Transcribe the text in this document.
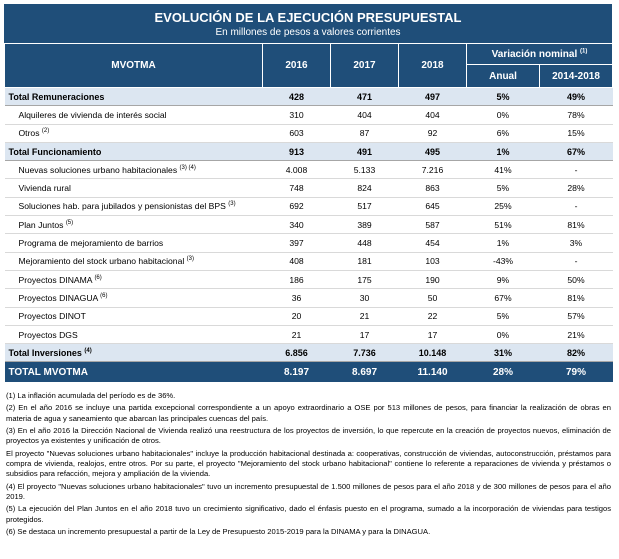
EVOLUCIÓN DE LA EJECUCIÓN PRESUPUESTAL
En millones de pesos a valores corrientes
MVOTMA	2016	2017	2018	Variación nominal $^{(1)}$
				Anual	2014-2018
Total Remuneraciones	428	471	497	5%	49%
Alquileres de vivienda de interés social	310	404	404	0%	78%
Otros $^{(2)}$	603	87	92	6%	15%
Total Funcionamiento	913	491	495	1%	67%
Nuevas soluciones urbano habitacionales $^{(3) (4)}$	4.008	5.133	7.216	41%	-
Vivienda rural	748	824	863	5%	28%
Soluciones hab. para jubilados y pensionistas del BPS $^{(3)}$	692	517	645	25%	-
Plan Juntos $^{(5)}$	340	389	587	51%	81%
Programa de mejoramiento de barrios	397	448	454	1%	3%
Mejoramiento del stock urbano habitacional $^{(3)}$	408	181	103	-43%	-
Proyectos DINAMA $^{(6)}$	186	175	190	9%	50%
Proyectos DINAGUA $^{(6)}$	36	30	50	67%	81%
Proyectos DINOT	20	21	22	5%	57%
Proyectos DGS	21	17	17	0%	21%
Total Inversiones $^{(4)}$	6.856	7.736	10.148	31%	82%
TOTAL MVOTMA	8.197	8.697	11.140	28%	79%

(1) La inflación acumulada del período es de 36%.

(2) En el año 2016 se incluye una partida excepcional correspondiente a un apoyo extraordinario a OSE por 513 millones de pesos, para financiar la realización de obras en materia de agua y saneamiento que abarcan las principales cuencas del país.

(3) En el año 2016 la Dirección Nacional de Vivienda realizó una reestructura de los proyectos de inversión, lo que repercute en la creación de proyectos nuevos, eliminación de proyectos ya existentes y unificación de otros.

El proyecto "Nuevas soluciones urbano habitacionales" incluye la producción habitacional destinada a: cooperativas, construcción de viviendas, autoconstrucción, préstamos para compra de vivienda, realojos, entre otros. Por su parte, el proyecto "Mejoramiento del stock urbano habitacional" contiene lo referente a reparaciones de vivienda y préstamos o subsidios para refacción, mejora y ampliación de la vivienda.

(4) El proyecto "Nuevas soluciones urbano habitacionales" tuvo un incremento presupuestal de 1.500 millones de pesos para el año 2018 y de 300 millones de pesos para el año 2019.

(5) La ejecución del Plan Juntos en el año 2018 tuvo un crecimiento significativo, dado el énfasis puesto en el programa, sumado a la incorporación de viviendas para testigos protegidos.

(6) Se destaca un incremento presupuestal a partir de la Ley de Presupuesto 2015-2019 para la DINAMA y para la DINAGUA.
